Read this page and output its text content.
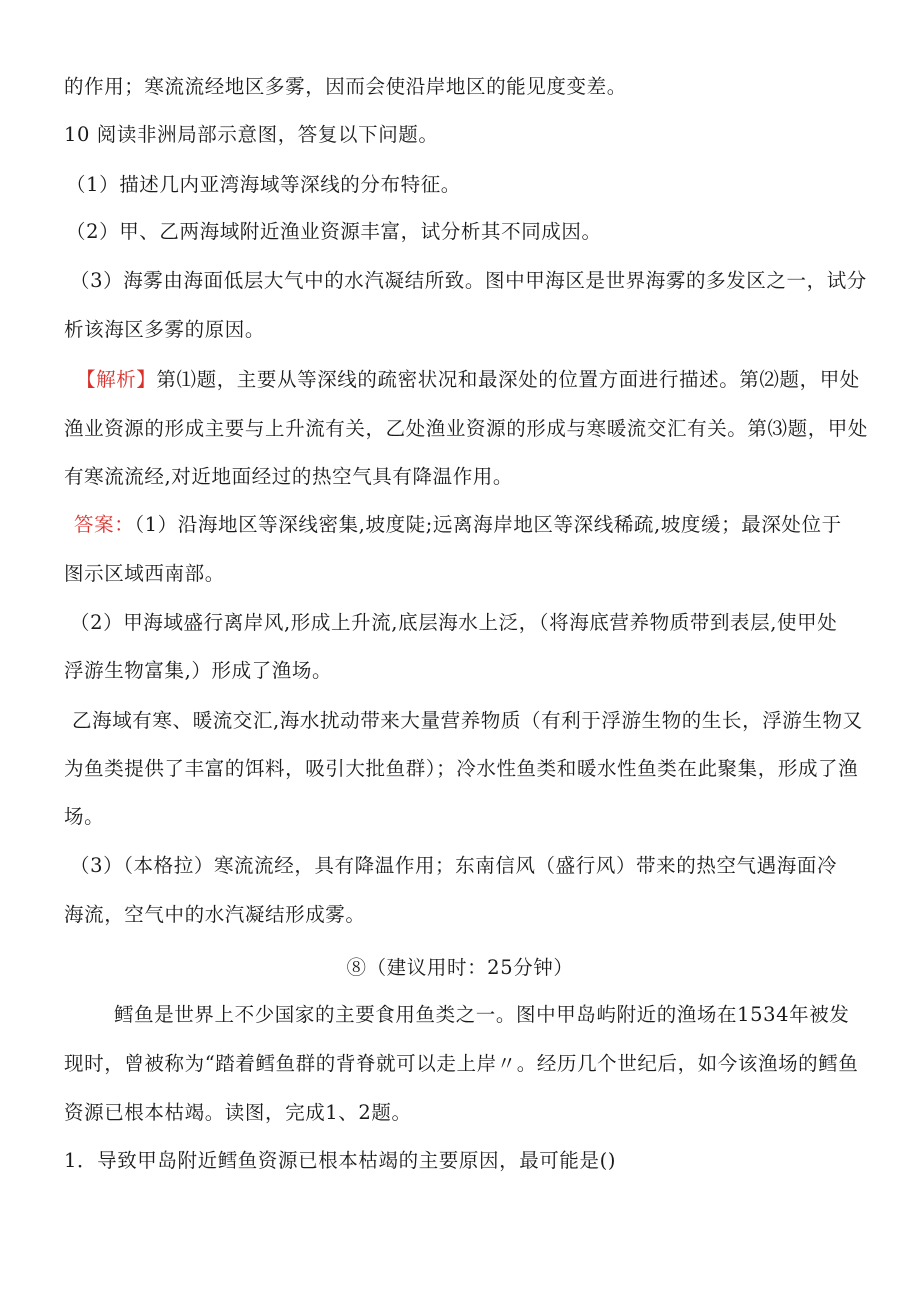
的作用；寒流流经地区多雾，因而会使沿岸地区的能见度变差。
10 阅读非洲局部示意图，答复以下问题。
（1）描述几内亚湾海域等深线的分布特征。
（2）甲、乙两海域附近渔业资源丰富，试分析其不同成因。
（3）海雾由海面低层大气中的水汽凝结所致。图中甲海区是世界海雾的多发区之一，试分
析该海区多雾的原因。
【解析】第⑴题，主要从等深线的疏密状况和最深处的位置方面进行描述。第⑵题，甲处
渔业资源的形成主要与上升流有关，乙处渔业资源的形成与寒暖流交汇有关。第⑶题，甲处
有寒流流经,对近地面经过的热空气具有降温作用。
答案：（1）沿海地区等深线密集,坡度陡;远离海岸地区等深线稀疏,坡度缓；最深处位于
图示区域西南部。
（2）甲海域盛行离岸风,形成上升流,底层海水上泛，（将海底营养物质带到表层,使甲处
浮游生物富集,）形成了渔场。
乙海域有寒、暖流交汇,海水扰动带来大量营养物质（有利于浮游生物的生长，浮游生物又
为鱼类提供了丰富的饵料，吸引大批鱼群）；冷水性鱼类和暖水性鱼类在此聚集，形成了渔
场。
（3）（本格拉）寒流流经，具有降温作用；东南信风（盛行风）带来的热空气遇海面冷
海流，空气中的水汽凝结形成雾。
⑧（建议用时：25分钟）
鳕鱼是世界上不少国家的主要食用鱼类之一。图中甲岛屿附近的渔场在1534年被发
现时，曾被称为“踏着鳕鱼群的背脊就可以走上岸〃。经历几个世纪后，如今该渔场的鳕鱼
资源已根本枯竭。读图，完成1、2题。
1．导致甲岛附近鳕鱼资源已根本枯竭的主要原因，最可能是()
